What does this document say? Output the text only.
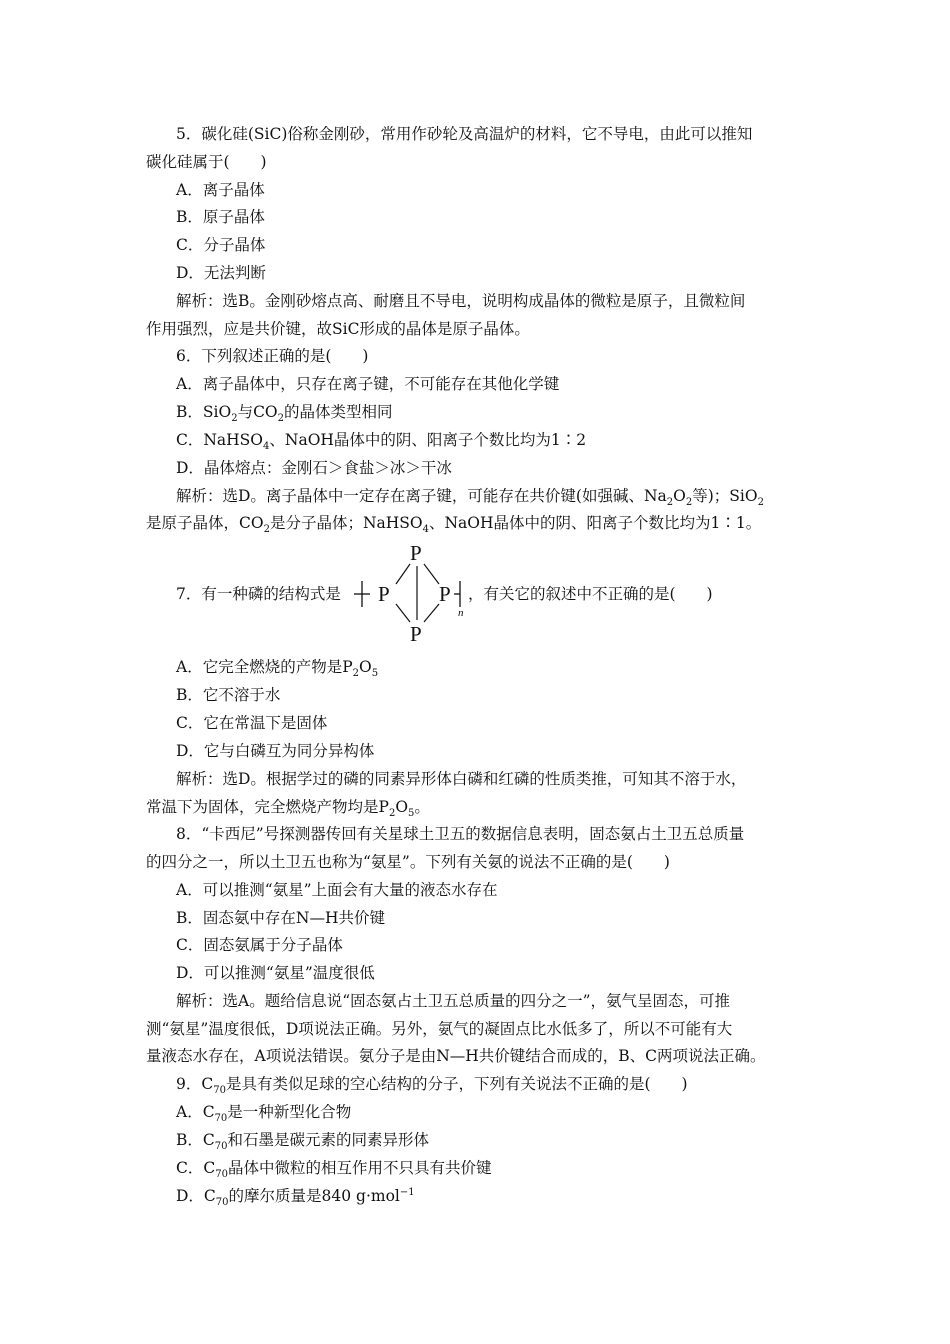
5．碳化硅(SiC)俗称金刚砂，常用作砂轮及高温炉的材料，它不导电，由此可以推知
碳化硅属于(　　)
A．离子晶体
B．原子晶体
C．分子晶体
D．无法判断
解析：选B。金刚砂熔点高、耐磨且不导电，说明构成晶体的微粒是原子，且微粒间
作用强烈，应是共价键，故SiC形成的晶体是原子晶体。
6．下列叙述正确的是(　　)
A．离子晶体中，只存在离子键，不可能存在其他化学键
B．SiO$_2$与$CO_2$的晶体类型相同
C．NaHSO$_4$、NaOH晶体中的阴、阳离子个数比均为1∶2
D．晶体熔点：金刚石＞食盐＞冰＞干冰
解析：选D。离子晶体中一定存在离子键，可能存在共价键(如强碱、$Na_2O_2$等)；SiO$_2$
是原子晶体，$CO_2$是分子晶体；NaHSO$_4$、NaOH晶体中的阴、阳离子个数比均为1∶1。
7．有一种磷的结构式是 P
P
P
P
n
，有关它的叙述中不正确的是(　　)
A．它完全燃烧的产物是$P_2O_5$
B．它不溶于水
C．它在常温下是固体
D．它与白磷互为同分异构体
解析：选D。根据学过的磷的同素异形体白磷和红磷的性质类推，可知其不溶于水，
常温下为固体，完全燃烧产物均是$P_2O_5$。
8．“卡西尼”号探测器传回有关星球土卫五的数据信息表明，固态氨占土卫五总质量
的四分之一，所以土卫五也称为“氨星”。下列有关氨的说法不正确的是(　　)
A．可以推测“氨星”上面会有大量的液态水存在
B．固态氨中存在N—H共价键
C．固态氨属于分子晶体
D．可以推测“氨星”温度很低
解析：选A。题给信息说“固态氨占土卫五总质量的四分之一”，氨气呈固态，可推
测“氨星”温度很低，D项说法正确。另外，氨气的凝固点比水低多了，所以不可能有大
量液态水存在，A项说法错误。氨分子是由N—H共价键结合而成的，B、C两项说法正确。
9．$C_{70}$是具有类似足球的空心结构的分子，下列有关说法不正确的是(　　)
A．$C_{70}$是一种新型化合物
B．$C_{70}$和石墨是碳元素的同素异形体
C．$C_{70}$晶体中微粒的相互作用不只具有共价键
D．$C_{70}$的摩尔质量是840 g·mol$^{-1}$
